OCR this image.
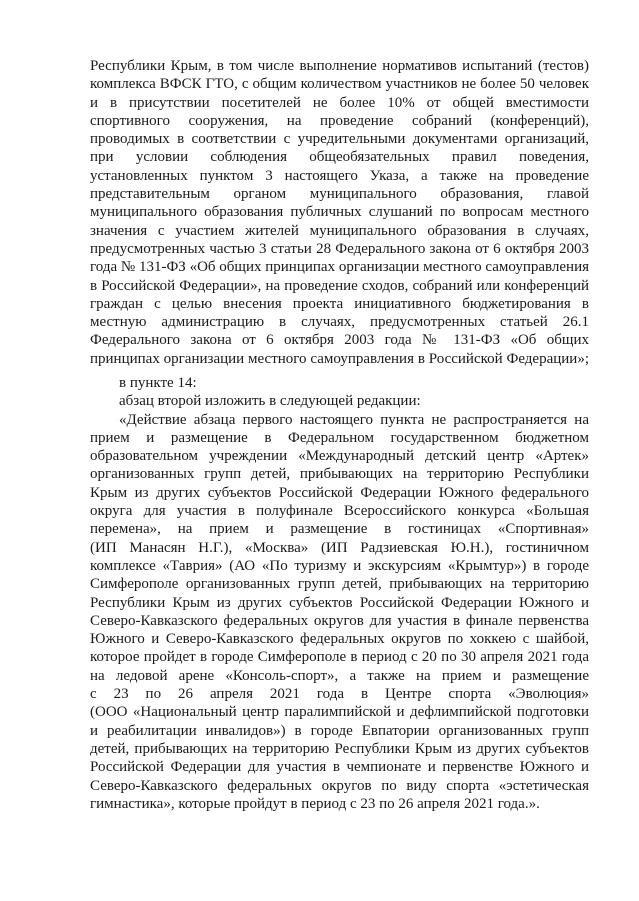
Республики Крым, в том числе выполнение нормативов испытаний (тестов)
комплекса ВФСК ГТО, с общим количеством участников не более 50 человек
и в присутствии посетителей не более 10% от общей вместимости
спортивного сооружения, на проведение собраний (конференций),
проводимых в соответствии с учредительными документами организаций,
при условии соблюдения общеобязательных правил поведения,
установленных пунктом 3 настоящего Указа, а также на проведение
представительным органом муниципального образования, главой
муниципального образования публичных слушаний по вопросам местного
значения с участием жителей муниципального образования в случаях,
предусмотренных частью 3 статьи 28 Федерального закона от 6 октября 2003
года № 131-ФЗ «Об общих принципах организации местного самоуправления
в Российской Федерации», на проведение сходов, собраний или конференций
граждан с целью внесения проекта инициативного бюджетирования в
местную администрацию в случаях, предусмотренных статьей 26.1
Федерального закона от 6 октября 2003 года № 131-ФЗ «Об общих
принципах организации местного самоуправления в Российской Федерации»;
в пункте 14:
абзац второй изложить в следующей редакции:
«Действие абзаца первого настоящего пункта не распространяется на
прием и размещение в Федеральном государственном бюджетном
образовательном учреждении «Международный детский центр «Артек»
организованных групп детей, прибывающих на территорию Республики
Крым из других субъектов Российской Федерации Южного федерального
округа для участия в полуфинале Всероссийского конкурса «Большая
перемена», на прием и размещение в гостиницах «Спортивная»
(ИП Манасян Н.Г.), «Москва» (ИП Радзиевская Ю.Н.), гостиничном
комплексе «Таврия» (АО «По туризму и экскурсиям «Крымтур») в городе
Симферополе организованных групп детей, прибывающих на территорию
Республики Крым из других субъектов Российской Федерации Южного и
Северо-Кавказского федеральных округов для участия в финале первенства
Южного и Северо-Кавказского федеральных округов по хоккею с шайбой,
которое пройдет в городе Симферополе в период с 20 по 30 апреля 2021 года
на ледовой арене «Консоль-спорт», а также на прием и размещение
с 23 по 26 апреля 2021 года в Центре спорта «Эволюция»
(ООО «Национальный центр паралимпийской и дефлимпийской подготовки
и реабилитации инвалидов») в городе Евпатории организованных групп
детей, прибывающих на территорию Республики Крым из других субъектов
Российской Федерации для участия в чемпионате и первенстве Южного и
Северо-Кавказского федеральных округов по виду спорта «эстетическая
гимнастика», которые пройдут в период с 23 по 26 апреля 2021 года.».
